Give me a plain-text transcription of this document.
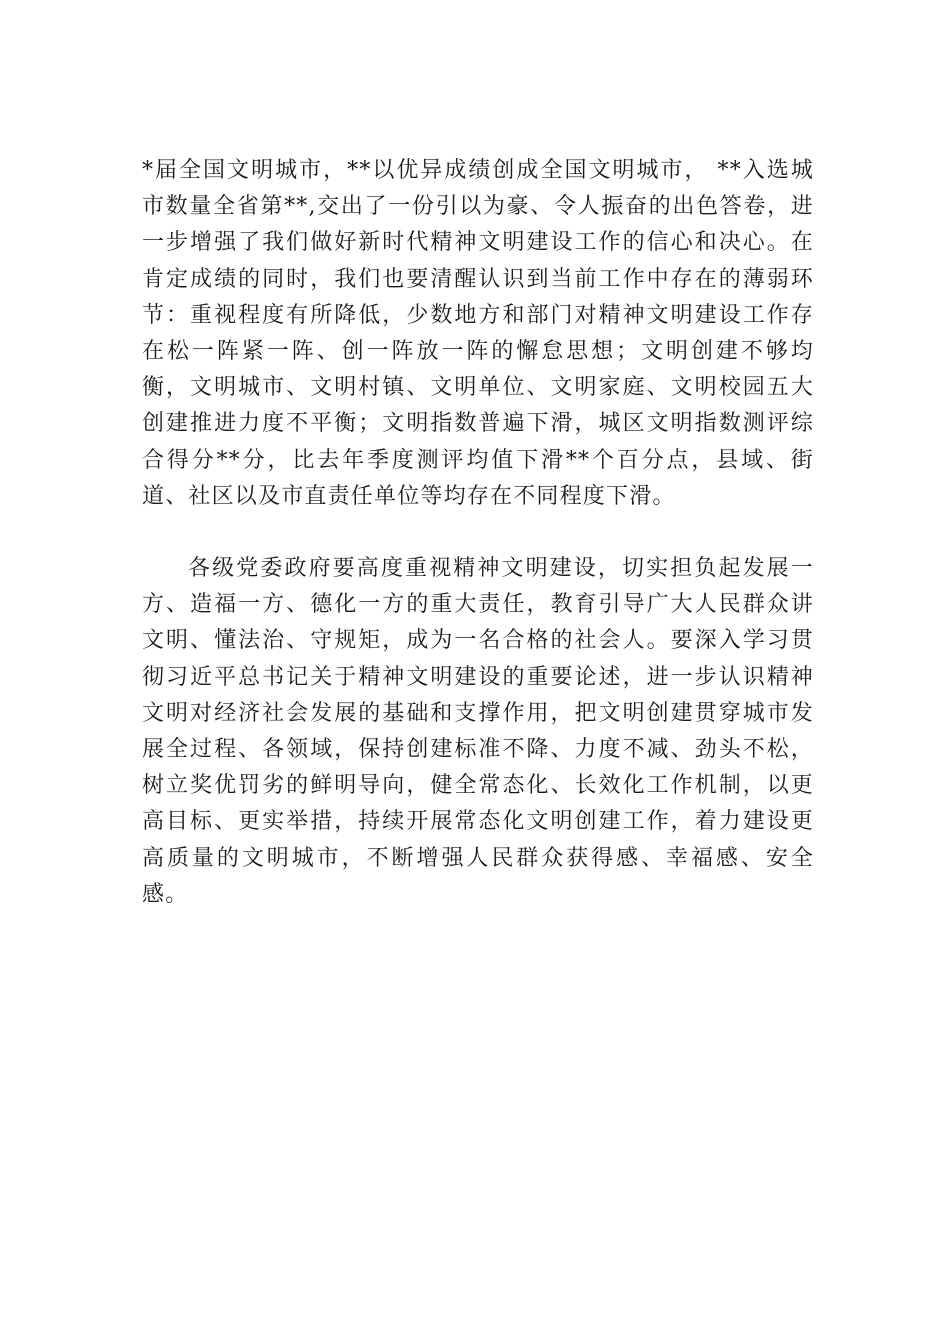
*届全国文明城市，**以优异成绩创成全国文明城市， **入选城市数量全省第**,交出了一份引以为豪、令人振奋的出色答卷，进一步增强了我们做好新时代精神文明建设工作的信心和决心。在肯定成绩的同时，我们也要清醒认识到当前工作中存在的薄弱环节：重视程度有所降低，少数地方和部门对精神文明建设工作存在松一阵紧一阵、创一阵放一阵的懈怠思想；文明创建不够均衡，文明城市、文明村镇、文明单位、文明家庭、文明校园五大创建推进力度不平衡；文明指数普遍下滑，城区文明指数测评综合得分**分，比去年季度测评均值下滑**个百分点，县域、街道、社区以及市直责任单位等均存在不同程度下滑。

各级党委政府要高度重视精神文明建设，切实担负起发展一方、造福一方、德化一方的重大责任，教育引导广大人民群众讲文明、懂法治、守规矩，成为一名合格的社会人。要深入学习贯彻习近平总书记关于精神文明建设的重要论述，进一步认识精神文明对经济社会发展的基础和支撑作用，把文明创建贯穿城市发展全过程、各领域，保持创建标准不降、力度不减、劲头不松，树立奖优罚劣的鲜明导向，健全常态化、长效化工作机制，以更高目标、更实举措，持续开展常态化文明创建工作，着力建设更高质量的文明城市，不断增强人民群众获得感、幸福感、安全感。
